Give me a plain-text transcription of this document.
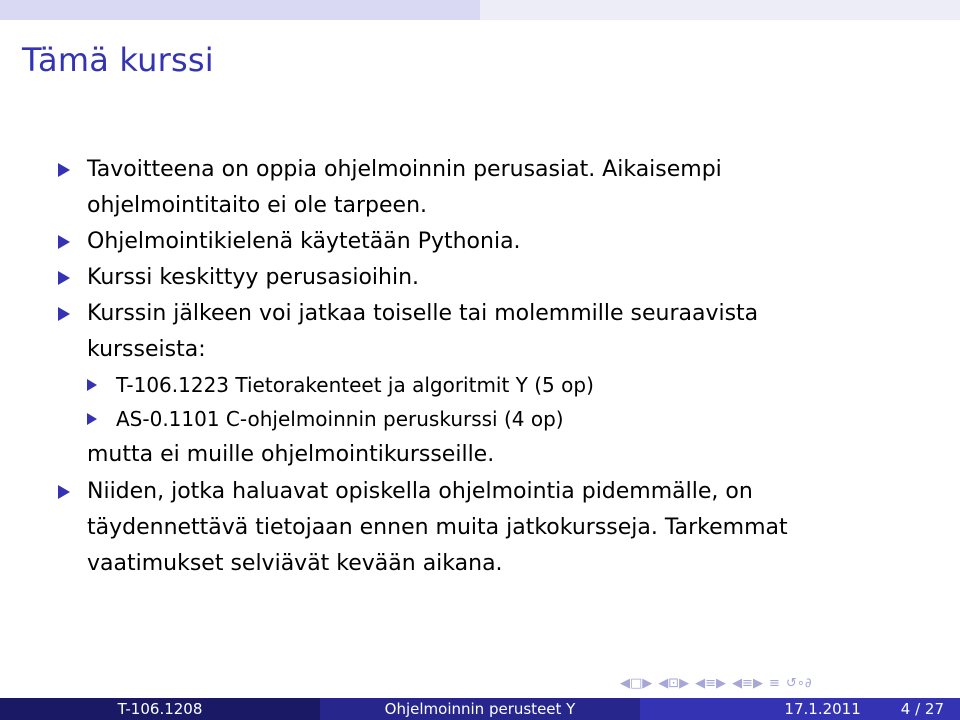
Tämä kurssi
Tavoitteena on oppia ohjelmoinnin perusasiat. Aikaisempi
ohjelmointitaito ei ole tarpeen.
Ohjelmointikielenä käytetään Pythonia.
Kurssi keskittyy perusasioihin.
Kurssin jälkeen voi jatkaa toiselle tai molemmille seuraavista
kursseista:
T-106.1223 Tietorakenteet ja algoritmit Y (5 op)
AS-0.1101 C-ohjelmoinnin peruskurssi (4 op)
mutta ei muille ohjelmointikursseille.
Niiden, jotka haluavat opiskella ohjelmointia pidemmälle, on
täydennettävä tietojaan ennen muita jatkokursseja. Tarkemmat
vaatimukset selviävät kevään aikana.
◀□▶ ◀⊡▶ ◀≡▶ ◀≡▶ ≡ ↺∘∂
T-106.1208	Ohjelmoinnin perusteet Y	17.1.2011	4 / 27
